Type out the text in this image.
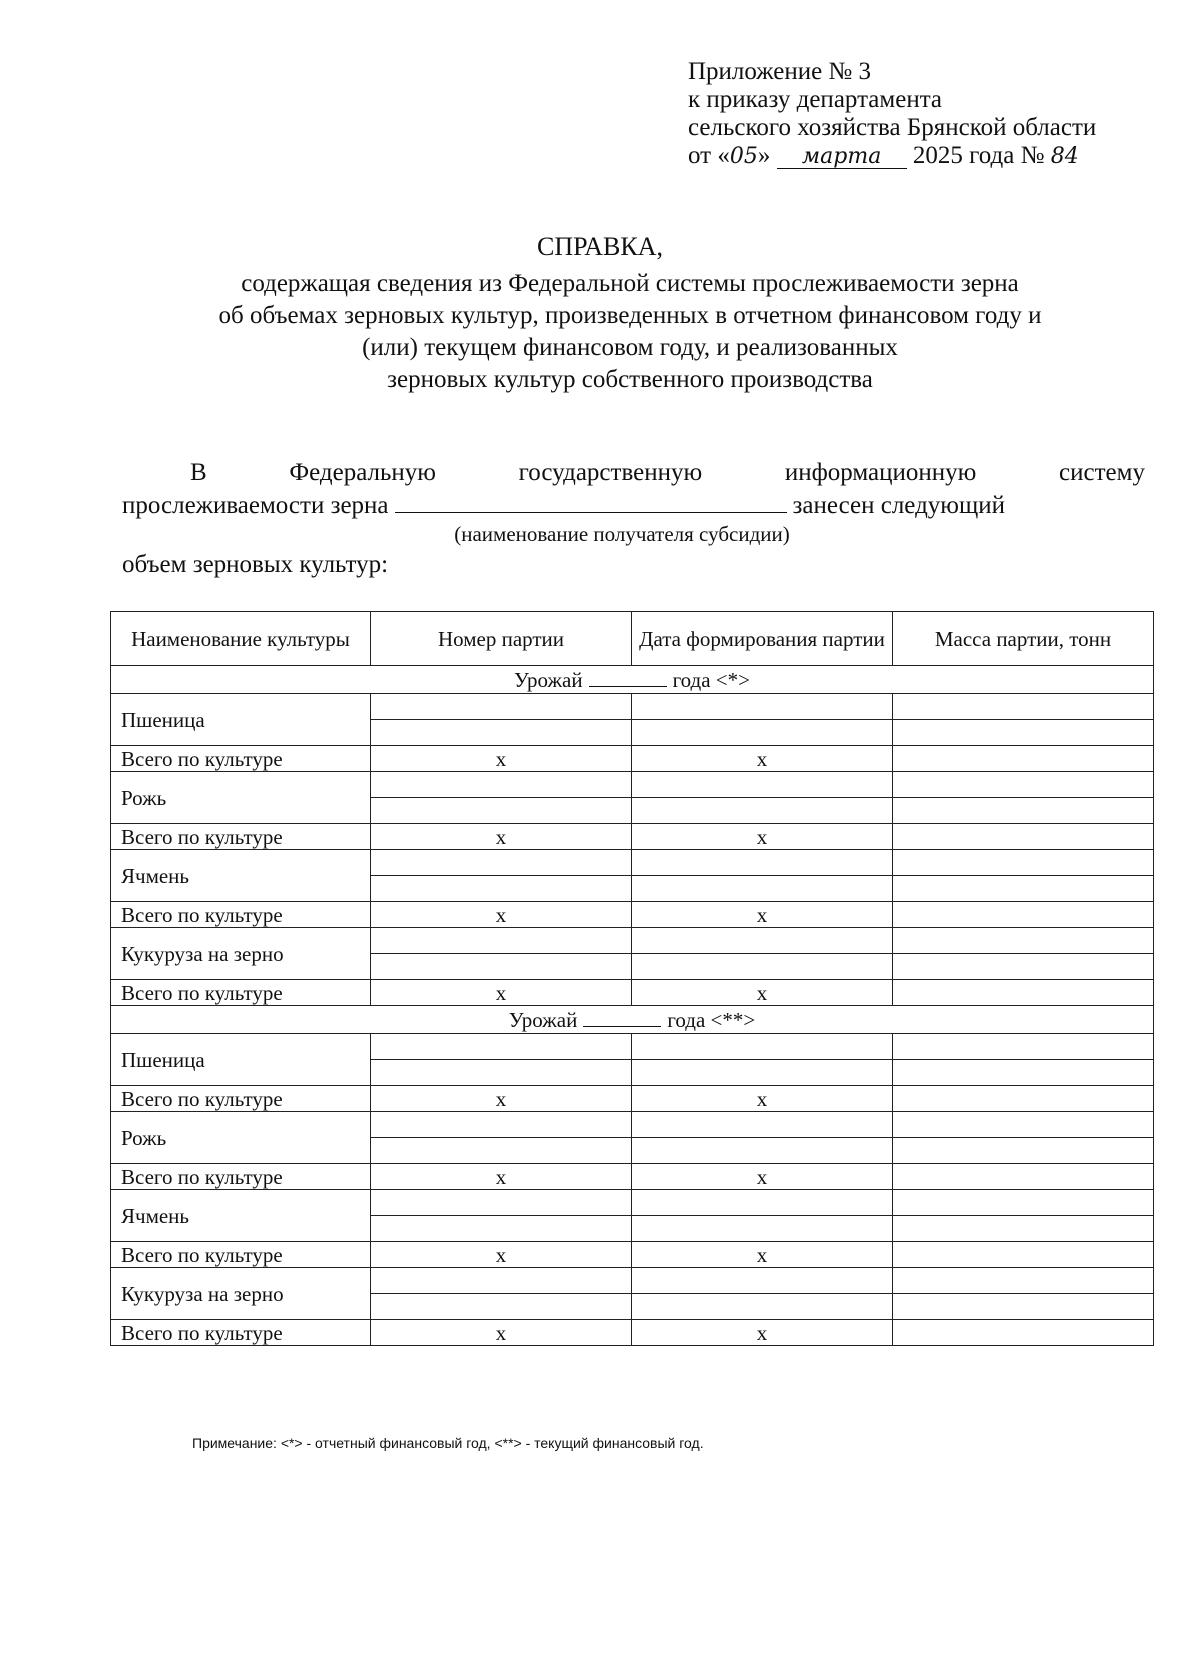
Приложение № 3
к приказу департамента
сельского хозяйства Брянской области
от «05» марта 2025 года № 84
СПРАВКА,
содержащая сведения из Федеральной системы прослеживаемости зерна
об объемах зерновых культур, произведенных в отчетном финансовом году и
(или) текущем финансовом году, и реализованных
зерновых культур собственного производства
В	Федеральную	государственную	информационную	систему
прослеживаемости зерна	занесен следующий
(наименование получателя субсидии)
объем зерновых культур:
Наименование культуры	Номер партии	Дата формирования партии	Масса партии, тонн
Урожай года <*>			
Пшеница			

Всего по культуре	x	x	
Рожь			

Всего по культуре	x	x	
Ячмень			

Всего по культуре	x	x	
Кукуруза на зерно			

Всего по культуре	x	x	
Урожай года <**>			
Пшеница			

Всего по культуре	x	x	
Рожь			

Всего по культуре	x	x	
Ячмень			

Всего по культуре	x	x	
Кукуруза на зерно			

Всего по культуре	x	x	
Примечание: <*> - отчетный финансовый год, <**> - текущий финансовый год.
